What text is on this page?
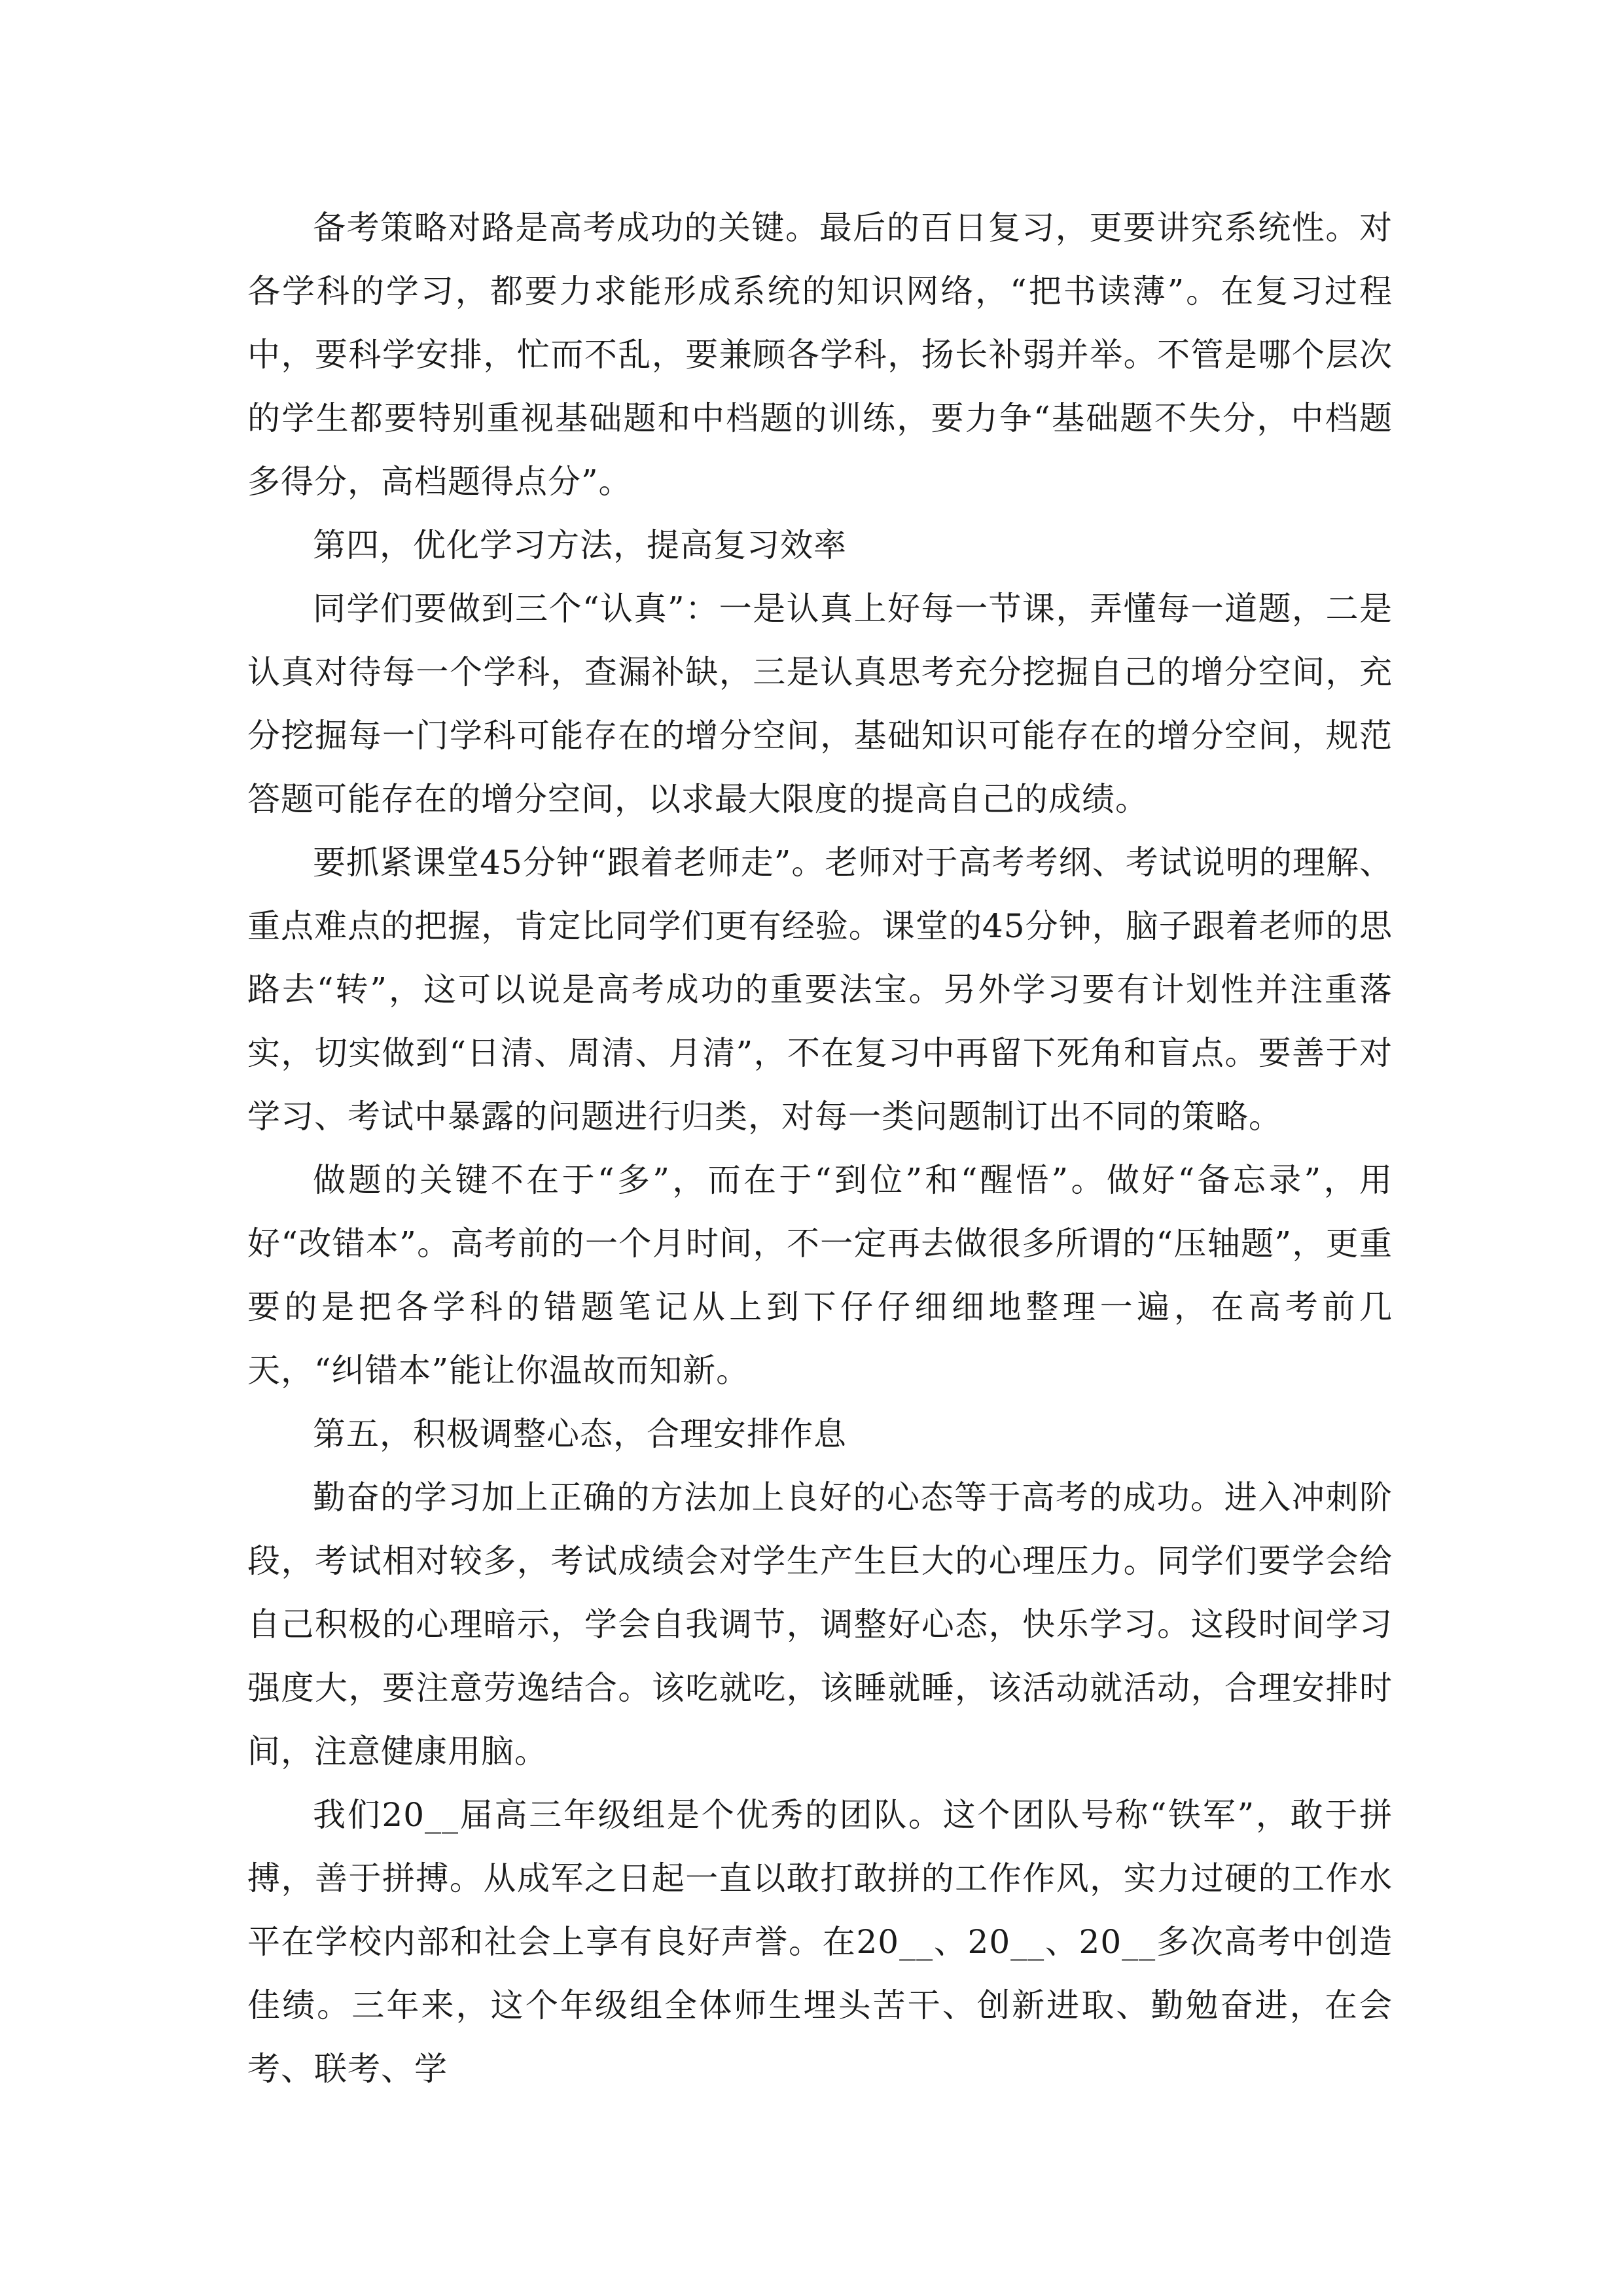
备考策略对路是高考成功的关键。最后的百日复习，更要讲究系统性。对各学科的学习，都要力求能形成系统的知识网络，“把书读薄”。在复习过程中，要科学安排，忙而不乱，要兼顾各学科，扬长补弱并举。不管是哪个层次的学生都要特别重视基础题和中档题的训练，要力争“基础题不失分，中档题多得分，高档题得点分”。

第四，优化学习方法，提高复习效率

同学们要做到三个“认真”：一是认真上好每一节课，弄懂每一道题，二是认真对待每一个学科，查漏补缺，三是认真思考充分挖掘自己的增分空间，充分挖掘每一门学科可能存在的增分空间，基础知识可能存在的增分空间，规范答题可能存在的增分空间，以求最大限度的提高自己的成绩。

要抓紧课堂45分钟“跟着老师走”。老师对于高考考纲、考试说明的理解、重点难点的把握，肯定比同学们更有经验。课堂的45分钟，脑子跟着老师的思路去“转”，这可以说是高考成功的重要法宝。另外学习要有计划性并注重落实，切实做到“日清、周清、月清”，不在复习中再留下死角和盲点。要善于对学习、考试中暴露的问题进行归类，对每一类问题制订出不同的策略。

做题的关键不在于“多”，而在于“到位”和“醒悟”。做好“备忘录”，用好“改错本”。高考前的一个月时间，不一定再去做很多所谓的“压轴题”，更重要的是把各学科的错题笔记从上到下仔仔细细地整理一遍，在高考前几天，“纠错本”能让你温故而知新。

第五，积极调整心态，合理安排作息

勤奋的学习加上正确的方法加上良好的心态等于高考的成功。进入冲刺阶段，考试相对较多，考试成绩会对学生产生巨大的心理压力。同学们要学会给自己积极的心理暗示，学会自我调节，调整好心态，快乐学习。这段时间学习强度大，要注意劳逸结合。该吃就吃，该睡就睡，该活动就活动，合理安排时间，注意健康用脑。

我们20__届高三年级组是个优秀的团队。这个团队号称“铁军”，敢于拼搏，善于拼搏。从成军之日起一直以敢打敢拼的工作作风，实力过硬的工作水平在学校内部和社会上享有良好声誉。在20__、20__、20__多次高考中创造佳绩。三年来，这个年级组全体师生埋头苦干、创新进取、勤勉奋进，在会考、联考、学
